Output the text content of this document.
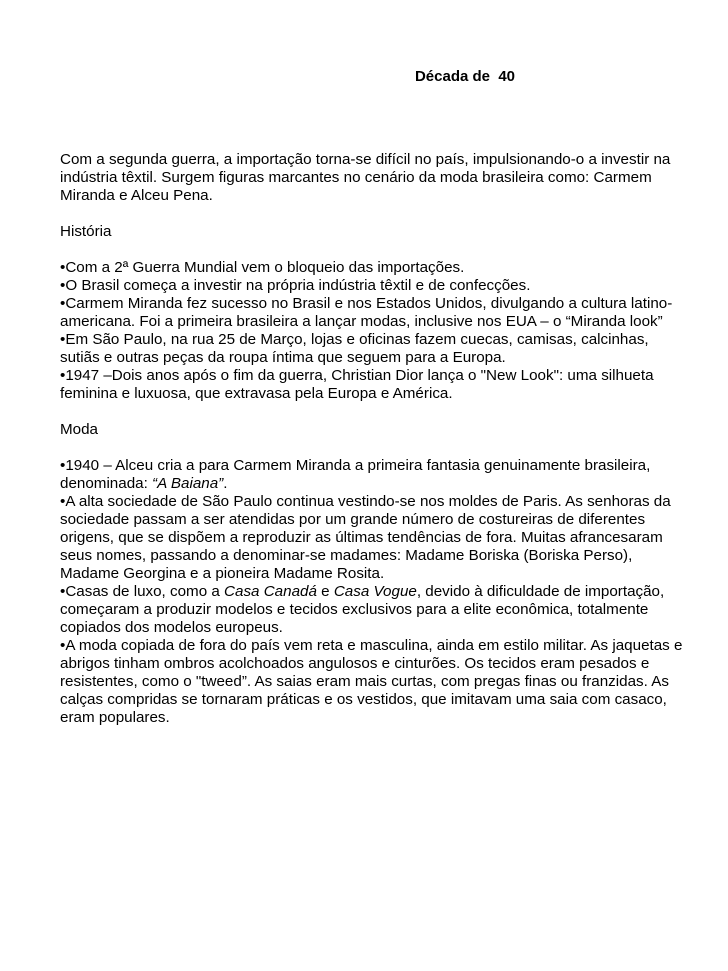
Década de  40

Com a segunda guerra, a importação torna-se difícil no país, impulsionando-o a investir na indústria têxtil. Surgem figuras marcantes no cenário da moda brasileira como: Carmem Miranda e Alceu Pena.

História

•Com a 2ª Guerra Mundial vem o bloqueio das importações.

•O Brasil começa a investir na própria indústria têxtil e de confecções.

•Carmem Miranda fez sucesso no Brasil e nos Estados Unidos, divulgando a cultura latino-americana. Foi a primeira brasileira a lançar modas, inclusive nos EUA – o “Miranda look”

•Em São Paulo, na rua 25 de Março, lojas e oficinas fazem cuecas, camisas, calcinhas, sutiãs e outras peças da roupa íntima que seguem para a Europa.

•1947 –Dois anos após o fim da guerra, Christian Dior lança o "New Look": uma silhueta feminina e luxuosa, que extravasa pela Europa e América.

Moda

•1940 – Alceu cria a para Carmem Miranda a primeira fantasia genuinamente brasileira, denominada: “A Baiana”.

•A alta sociedade de São Paulo continua vestindo-se nos moldes de Paris. As senhoras da sociedade passam a ser atendidas por um grande número de costureiras de diferentes origens, que se dispõem a reproduzir as últimas tendências de fora. Muitas afrancesaram seus nomes, passando a denominar-se madames: Madame Boriska (Boriska Perso), Madame Georgina e a pioneira Madame Rosita.

•Casas de luxo, como a Casa Canadá e Casa Vogue, devido à dificuldade de importação, começaram a produzir modelos e tecidos exclusivos para a elite econômica, totalmente copiados dos modelos europeus.

•A moda copiada de fora do país vem reta e masculina, ainda em estilo militar. As jaquetas e abrigos tinham ombros acolchoados angulosos e cinturões. Os tecidos eram pesados e resistentes, como o "tweed”. As saias eram mais curtas, com pregas finas ou franzidas. As calças compridas se tornaram práticas e os vestidos, que imitavam uma saia com casaco, eram populares.
